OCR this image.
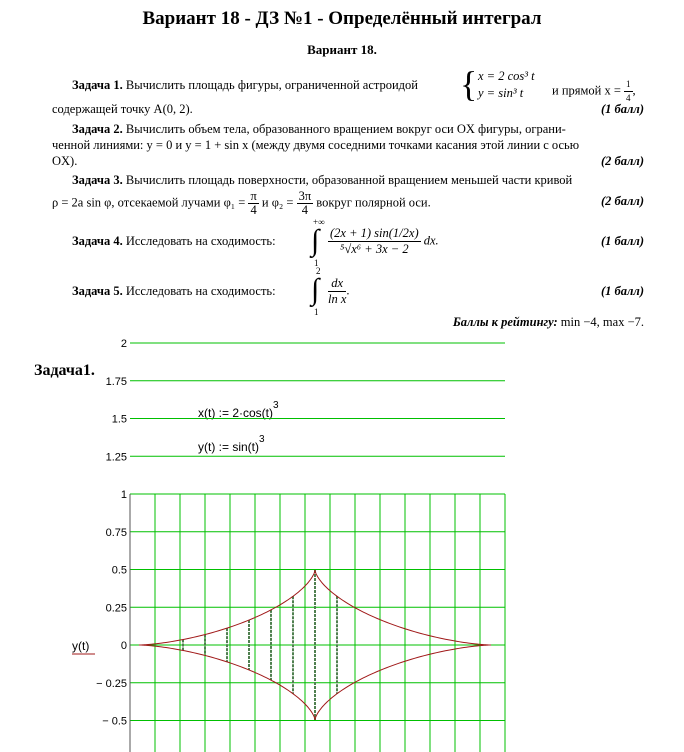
Вариант 18 - ДЗ №1 - Определённый интеграл
Вариант 18.
Задача 1. Вычислить площадь фигуры, ограниченной астроидой { x = 2 cos³ t
y = sin³ t и прямой $x = \frac{1}{4}$ ,
содержащей точку A(0, 2).	(1 балл)
Задача 2. Вычислить объем тела, образованного вращением вокруг оси OX фигуры, ограни-
ченной линиями: y = 0 и y = 1 + sin x (между двумя соседними точками касания этой линии с осью
OX).	(2 балл)
Задача 3. Вычислить площадь поверхности, образованной вращением меньшей части кривой
ρ = 2a sin φ, отсекаемой лучами $\varphi_1 = \frac{\pi}{4}$ и $\varphi_2 = \frac{3\pi}{4}$ вокруг полярной оси.	(2 балл)
Задача 4. Исследовать на сходимость:
+∞
∫
1
$\frac{(2x + 1) \sin(1/2x)}{\text{⁵√x⁶ + 3x − 2}}$ dx.	(1 балл)
Задача 5. Исследовать на сходимость:
2
∫
1
$\frac{dx}{\text{ln x}}$ .	(1 балл)
Баллы к рейтингу: min −4, max −7.
Задача1.
x(t) := $2\cdot\cos(t)^3$
y(t) := $\sin(t)^3$
2
1.75
1.5
1.25
1
0.75
0.5
0.25
0
− 0.25
− 0.5
y(t)
